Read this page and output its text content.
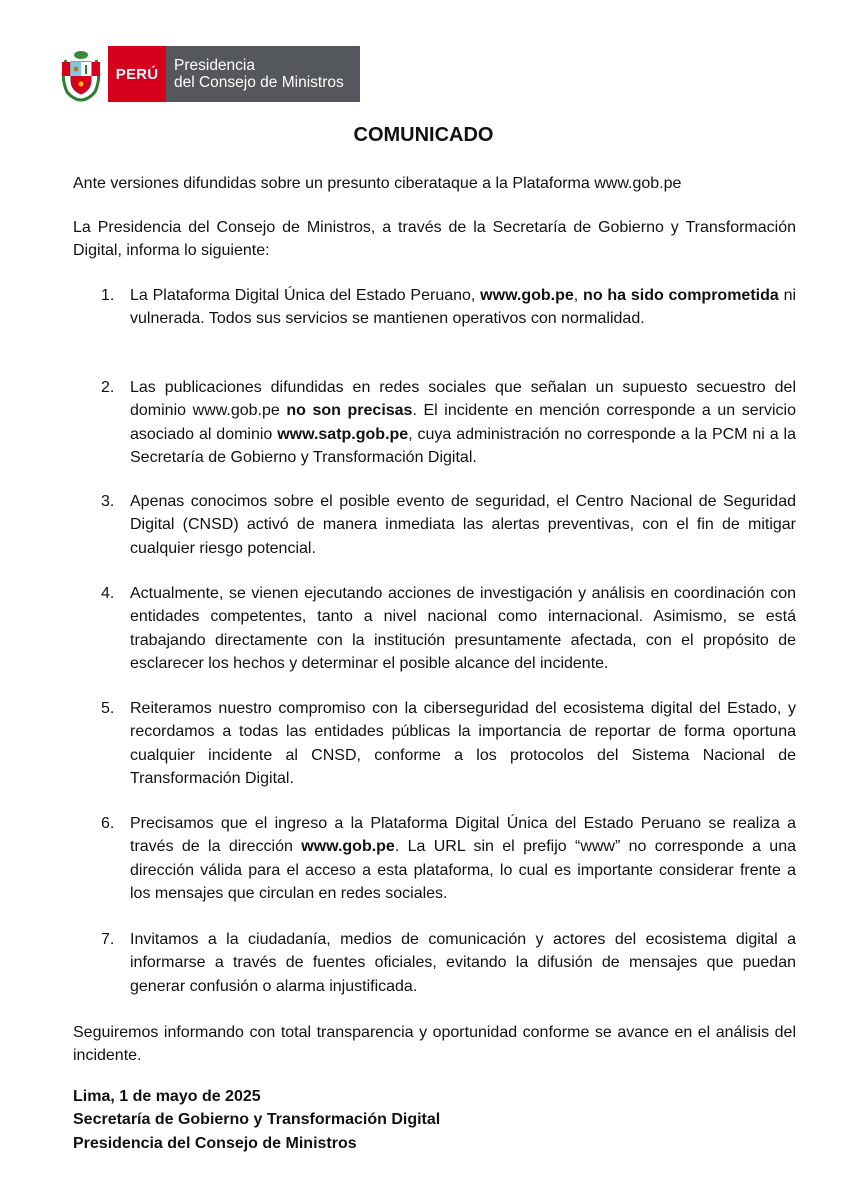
PERÚ	Presidencia
del Consejo de Ministros
COMUNICADO
Ante versiones difundidas sobre un presunto ciberataque a la Plataforma www.gob.pe
La Presidencia del Consejo de Ministros, a través de la Secretaría de Gobierno y Transformación Digital, informa lo siguiente:
1. La Plataforma Digital Única del Estado Peruano, www.gob.pe, no ha sido comprometida ni vulnerada. Todos sus servicios se mantienen operativos con normalidad.
2. Las publicaciones difundidas en redes sociales que señalan un supuesto secuestro del dominio www.gob.pe no son precisas. El incidente en mención corresponde a un servicio asociado al dominio www.satp.gob.pe, cuya administración no corresponde a la PCM ni a la Secretaría de Gobierno y Transformación Digital.
3. Apenas conocimos sobre el posible evento de seguridad, el Centro Nacional de Seguridad Digital (CNSD) activó de manera inmediata las alertas preventivas, con el fin de mitigar cualquier riesgo potencial.
4. Actualmente, se vienen ejecutando acciones de investigación y análisis en coordinación con entidades competentes, tanto a nivel nacional como internacional. Asimismo, se está trabajando directamente con la institución presuntamente afectada, con el propósito de esclarecer los hechos y determinar el posible alcance del incidente.
5. Reiteramos nuestro compromiso con la ciberseguridad del ecosistema digital del Estado, y recordamos a todas las entidades públicas la importancia de reportar de forma oportuna cualquier incidente al CNSD, conforme a los protocolos del Sistema Nacional de Transformación Digital.
6. Precisamos que el ingreso a la Plataforma Digital Única del Estado Peruano se realiza a través de la dirección www.gob.pe. La URL sin el prefijo “www” no corresponde a una dirección válida para el acceso a esta plataforma, lo cual es importante considerar frente a los mensajes que circulan en redes sociales.
7. Invitamos a la ciudadanía, medios de comunicación y actores del ecosistema digital a informarse a través de fuentes oficiales, evitando la difusión de mensajes que puedan generar confusión o alarma injustificada.
Seguiremos informando con total transparencia y oportunidad conforme se avance en el análisis del incidente.
Lima, 1 de mayo de 2025
Secretaría de Gobierno y Transformación Digital
Presidencia del Consejo de Ministros
